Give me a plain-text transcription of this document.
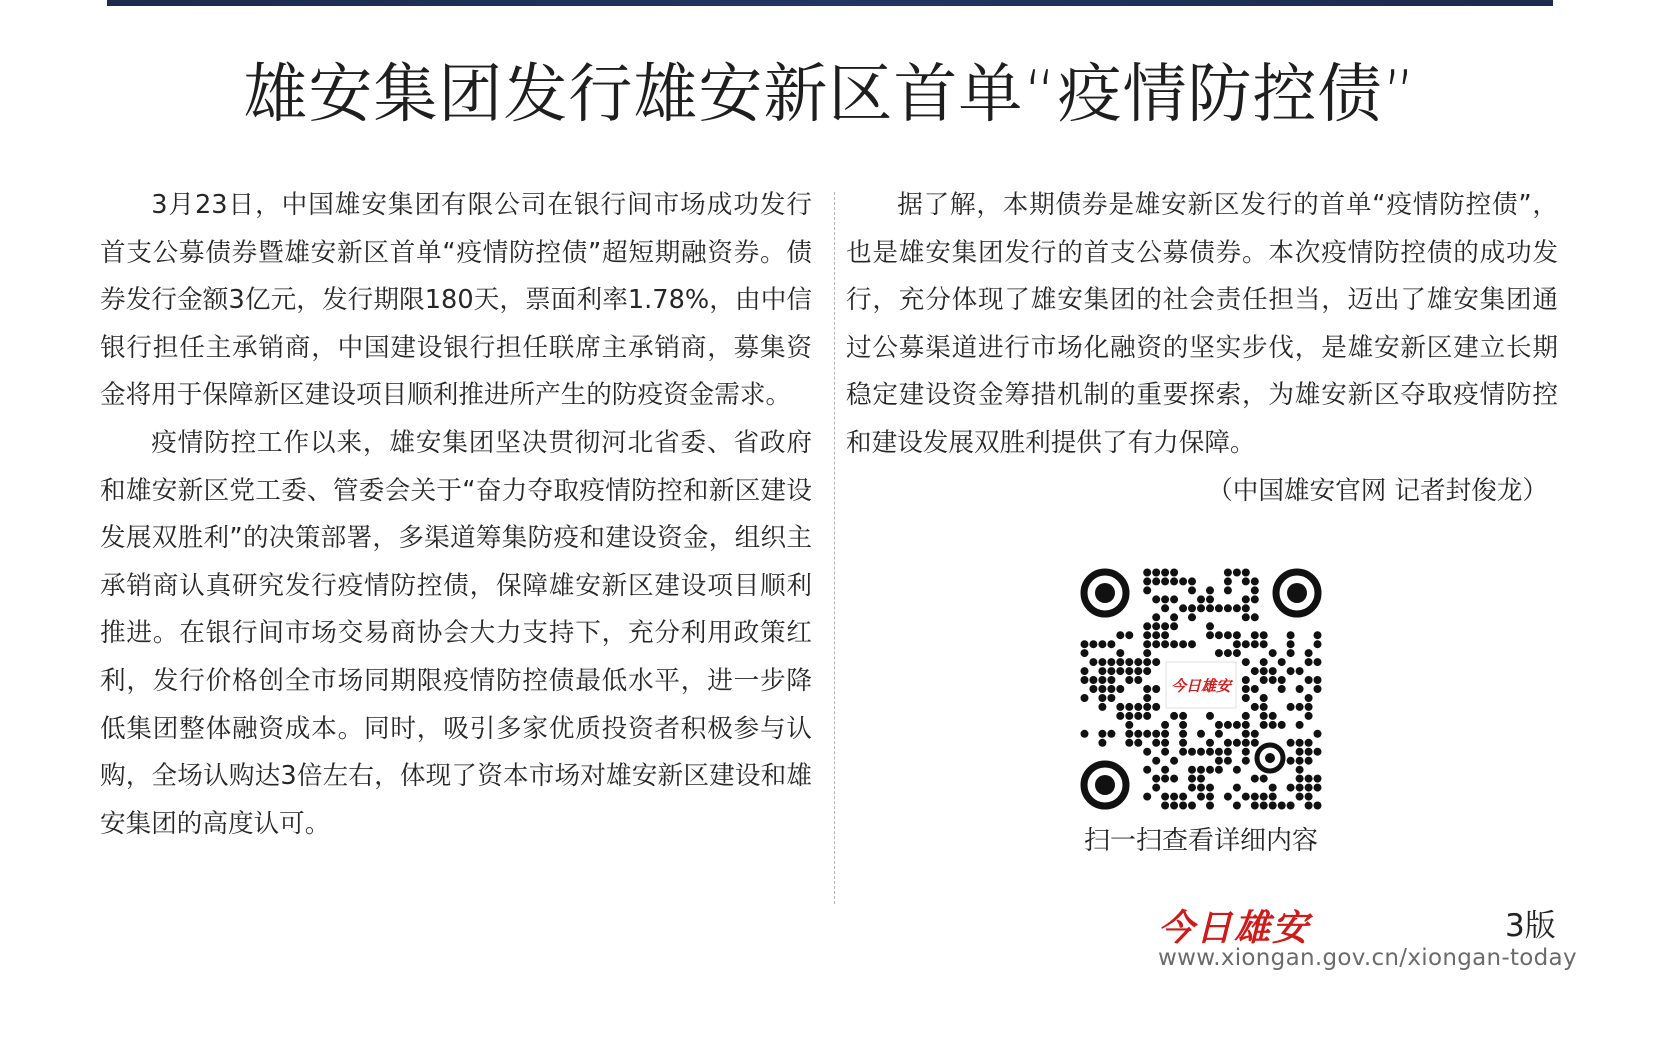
雄安集团发行雄安新区首单“疫情防控债”

3月23日，中国雄安集团有限公司在银行间市场成功发行首支公募债券暨雄安新区首单“疫情防控债”超短期融资券。债券发行金额3亿元，发行期限180天，票面利率1.78%，由中信银行担任主承销商，中国建设银行担任联席主承销商，募集资金将用于保障新区建设项目顺利推进所产生的防疫资金需求。

疫情防控工作以来，雄安集团坚决贯彻河北省委、省政府和雄安新区党工委、管委会关于“奋力夺取疫情防控和新区建设发展双胜利”的决策部署，多渠道筹集防疫和建设资金，组织主承销商认真研究发行疫情防控债，保障雄安新区建设项目顺利推进。在银行间市场交易商协会大力支持下，充分利用政策红利，发行价格创全市场同期限疫情防控债最低水平，进一步降低集团整体融资成本。同时，吸引多家优质投资者积极参与认购，全场认购达3倍左右，体现了资本市场对雄安新区建设和雄安集团的高度认可。

据了解，本期债券是雄安新区发行的首单“疫情防控债”，也是雄安集团发行的首支公募债券。本次疫情防控债的成功发行，充分体现了雄安集团的社会责任担当，迈出了雄安集团通过公募渠道进行市场化融资的坚实步伐，是雄安新区建立长期稳定建设资金筹措机制的重要探索，为雄安新区夺取疫情防控和建设发展双胜利提供了有力保障。

（中国雄安官网 记者封俊龙）

今日雄安
扫一扫查看详细内容
今日雄安	3版
www.xiongan.gov.cn/xiongan-today
